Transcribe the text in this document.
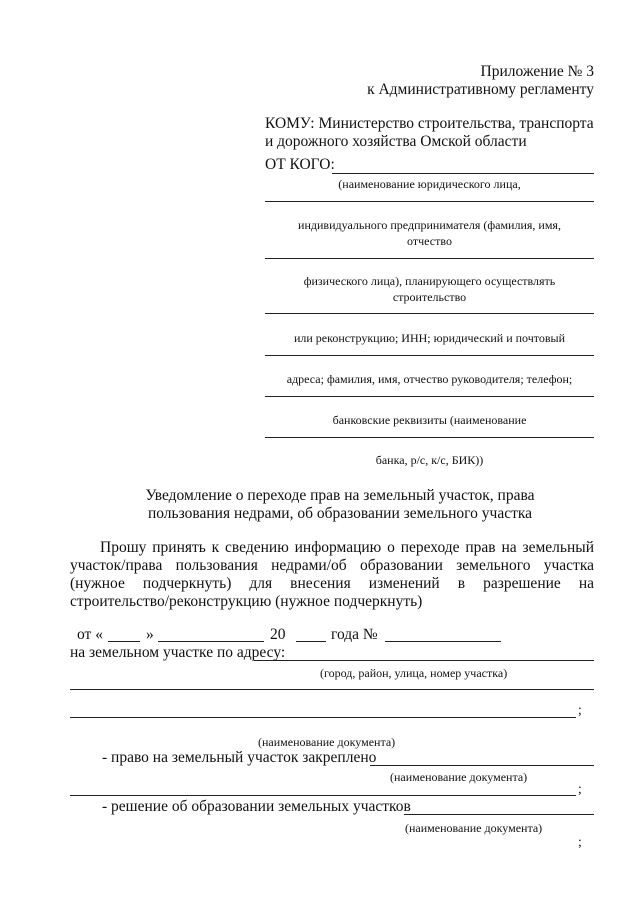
Приложение № 3
к Административному регламенту
КОМУ: Министерство строительства, транспорта
и дорожного хозяйства Омской области
ОТ КОГО:
(наименование юридического лица,
индивидуального предпринимателя (фамилия, имя,
отчество
физического лица), планирующего осуществлять
строительство
или реконструкцию; ИНН; юридический и почтовый
адреса; фамилия, имя, отчество руководителя; телефон;
банковские реквизиты (наименование
банка, р/с, к/с, БИК))
Уведомление о переходе прав на земельный участок, права
пользования недрами, об образовании земельного участка
Прошу принять к сведению информацию о переходе прав на земельный
участок/права пользования недрами/об образовании земельного участка
(нужное подчеркнуть) для внесения изменений в разрешение на
строительство/реконструкцию (нужное подчеркнуть)
от «	»	20	года №
на земельном участке по адресу:
(город, район, улица, номер участка)
;
(наименование документа)
- право на земельный участок закреплено
(наименование документа)
;
- решение об образовании земельных участков
(наименование документа)
;
